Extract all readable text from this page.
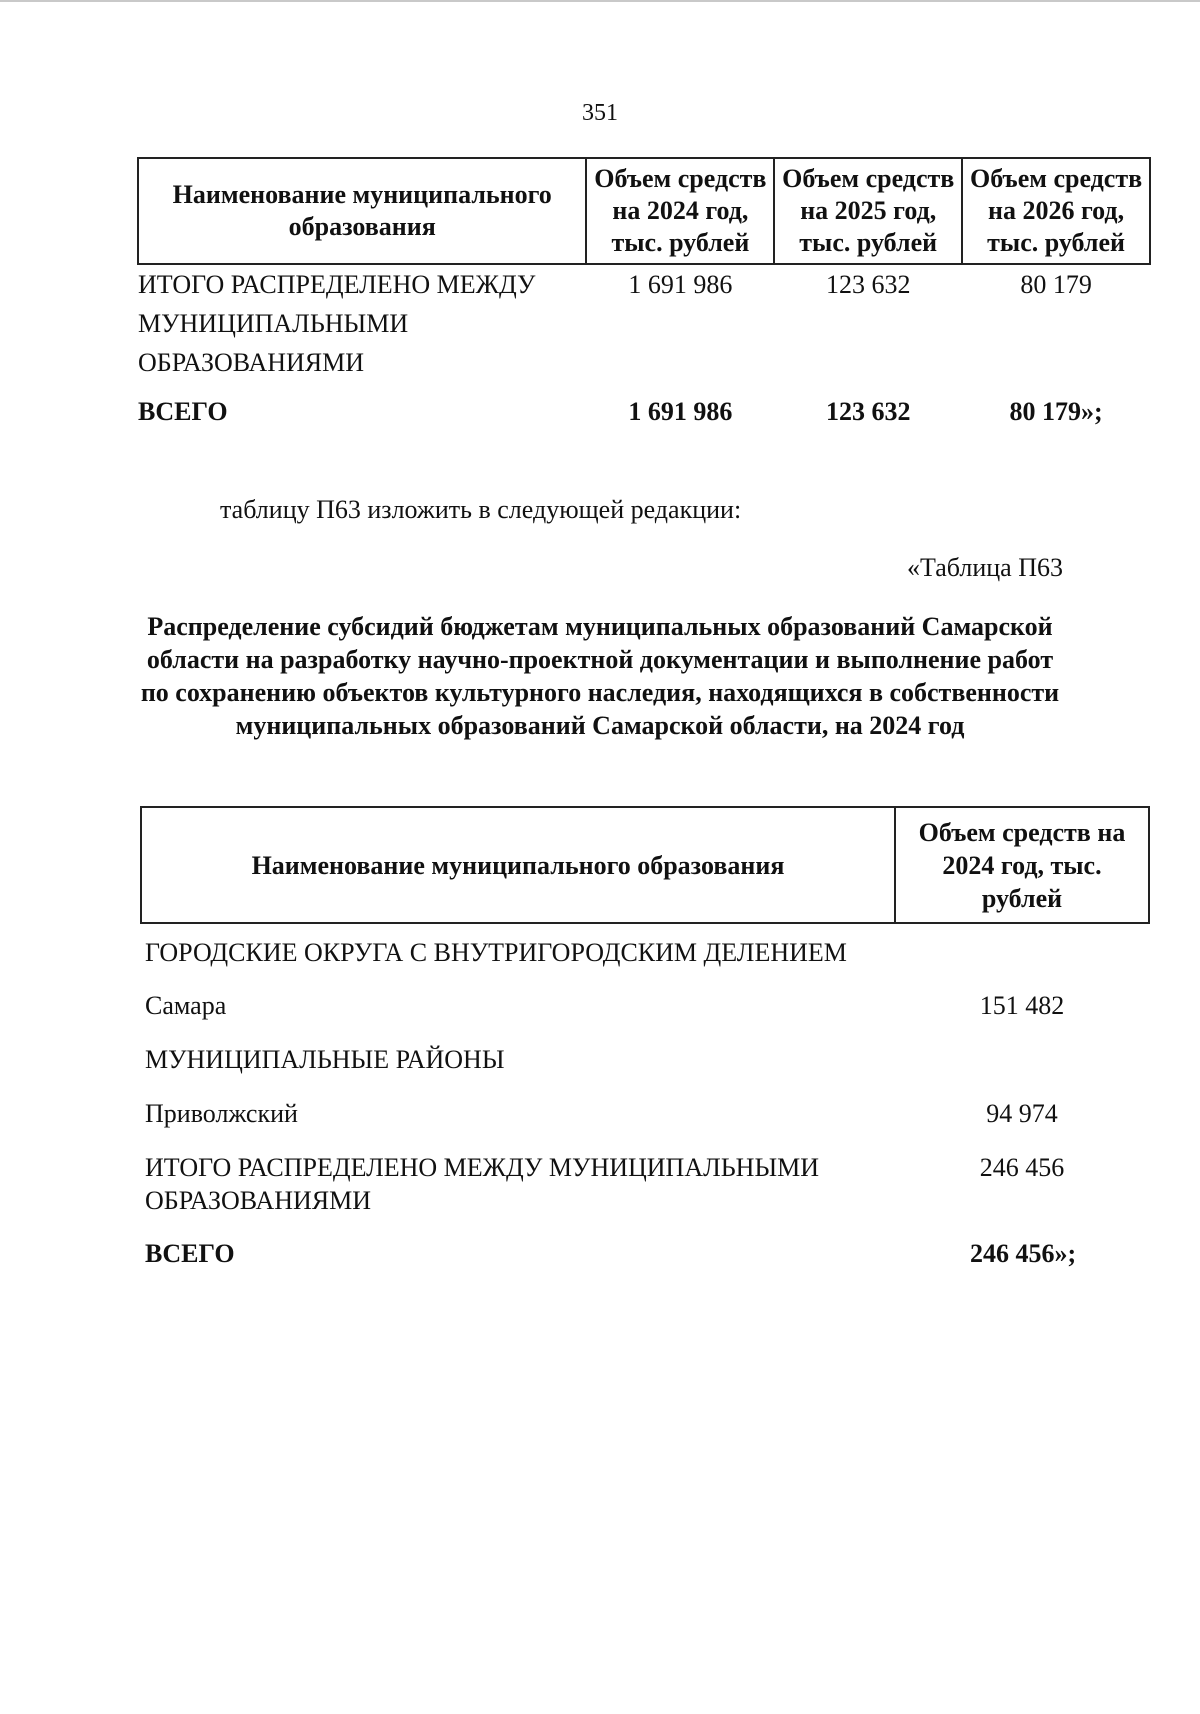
351
Наименование муниципального образования	Объем средств на 2024 год, тыс. рублей	Объем средств на 2025 год, тыс. рублей	Объем средств на 2026 год, тыс. рублей
ИТОГО РАСПРЕДЕЛЕНО МЕЖДУ МУНИЦИПАЛЬНЫМИ ОБРАЗОВАНИЯМИ	1 691 986	123 632	80 179

ВСЕГО	1 691 986	123 632	80 179»;
таблицу П63 изложить в следующей редакции:
«Таблица П63
Распределение субсидий бюджетам муниципальных образований Самарской области на разработку научно-проектной документации и выполнение работ по сохранению объектов культурного наследия, находящихся в собственности муниципальных образований Самарской области, на 2024 год
Наименование муниципального образования	Объем средств на 2024 год, тыс. рублей
ГОРОДСКИЕ ОКРУГА С ВНУТРИГОРОДСКИМ ДЕЛЕНИЕМ	
Самара	151 482
МУНИЦИПАЛЬНЫЕ РАЙОНЫ	
Приволжский	94 974
ИТОГО РАСПРЕДЕЛЕНО МЕЖДУ МУНИЦИПАЛЬНЫМИ ОБРАЗОВАНИЯМИ	246 456
ВСЕГО	246 456»;
